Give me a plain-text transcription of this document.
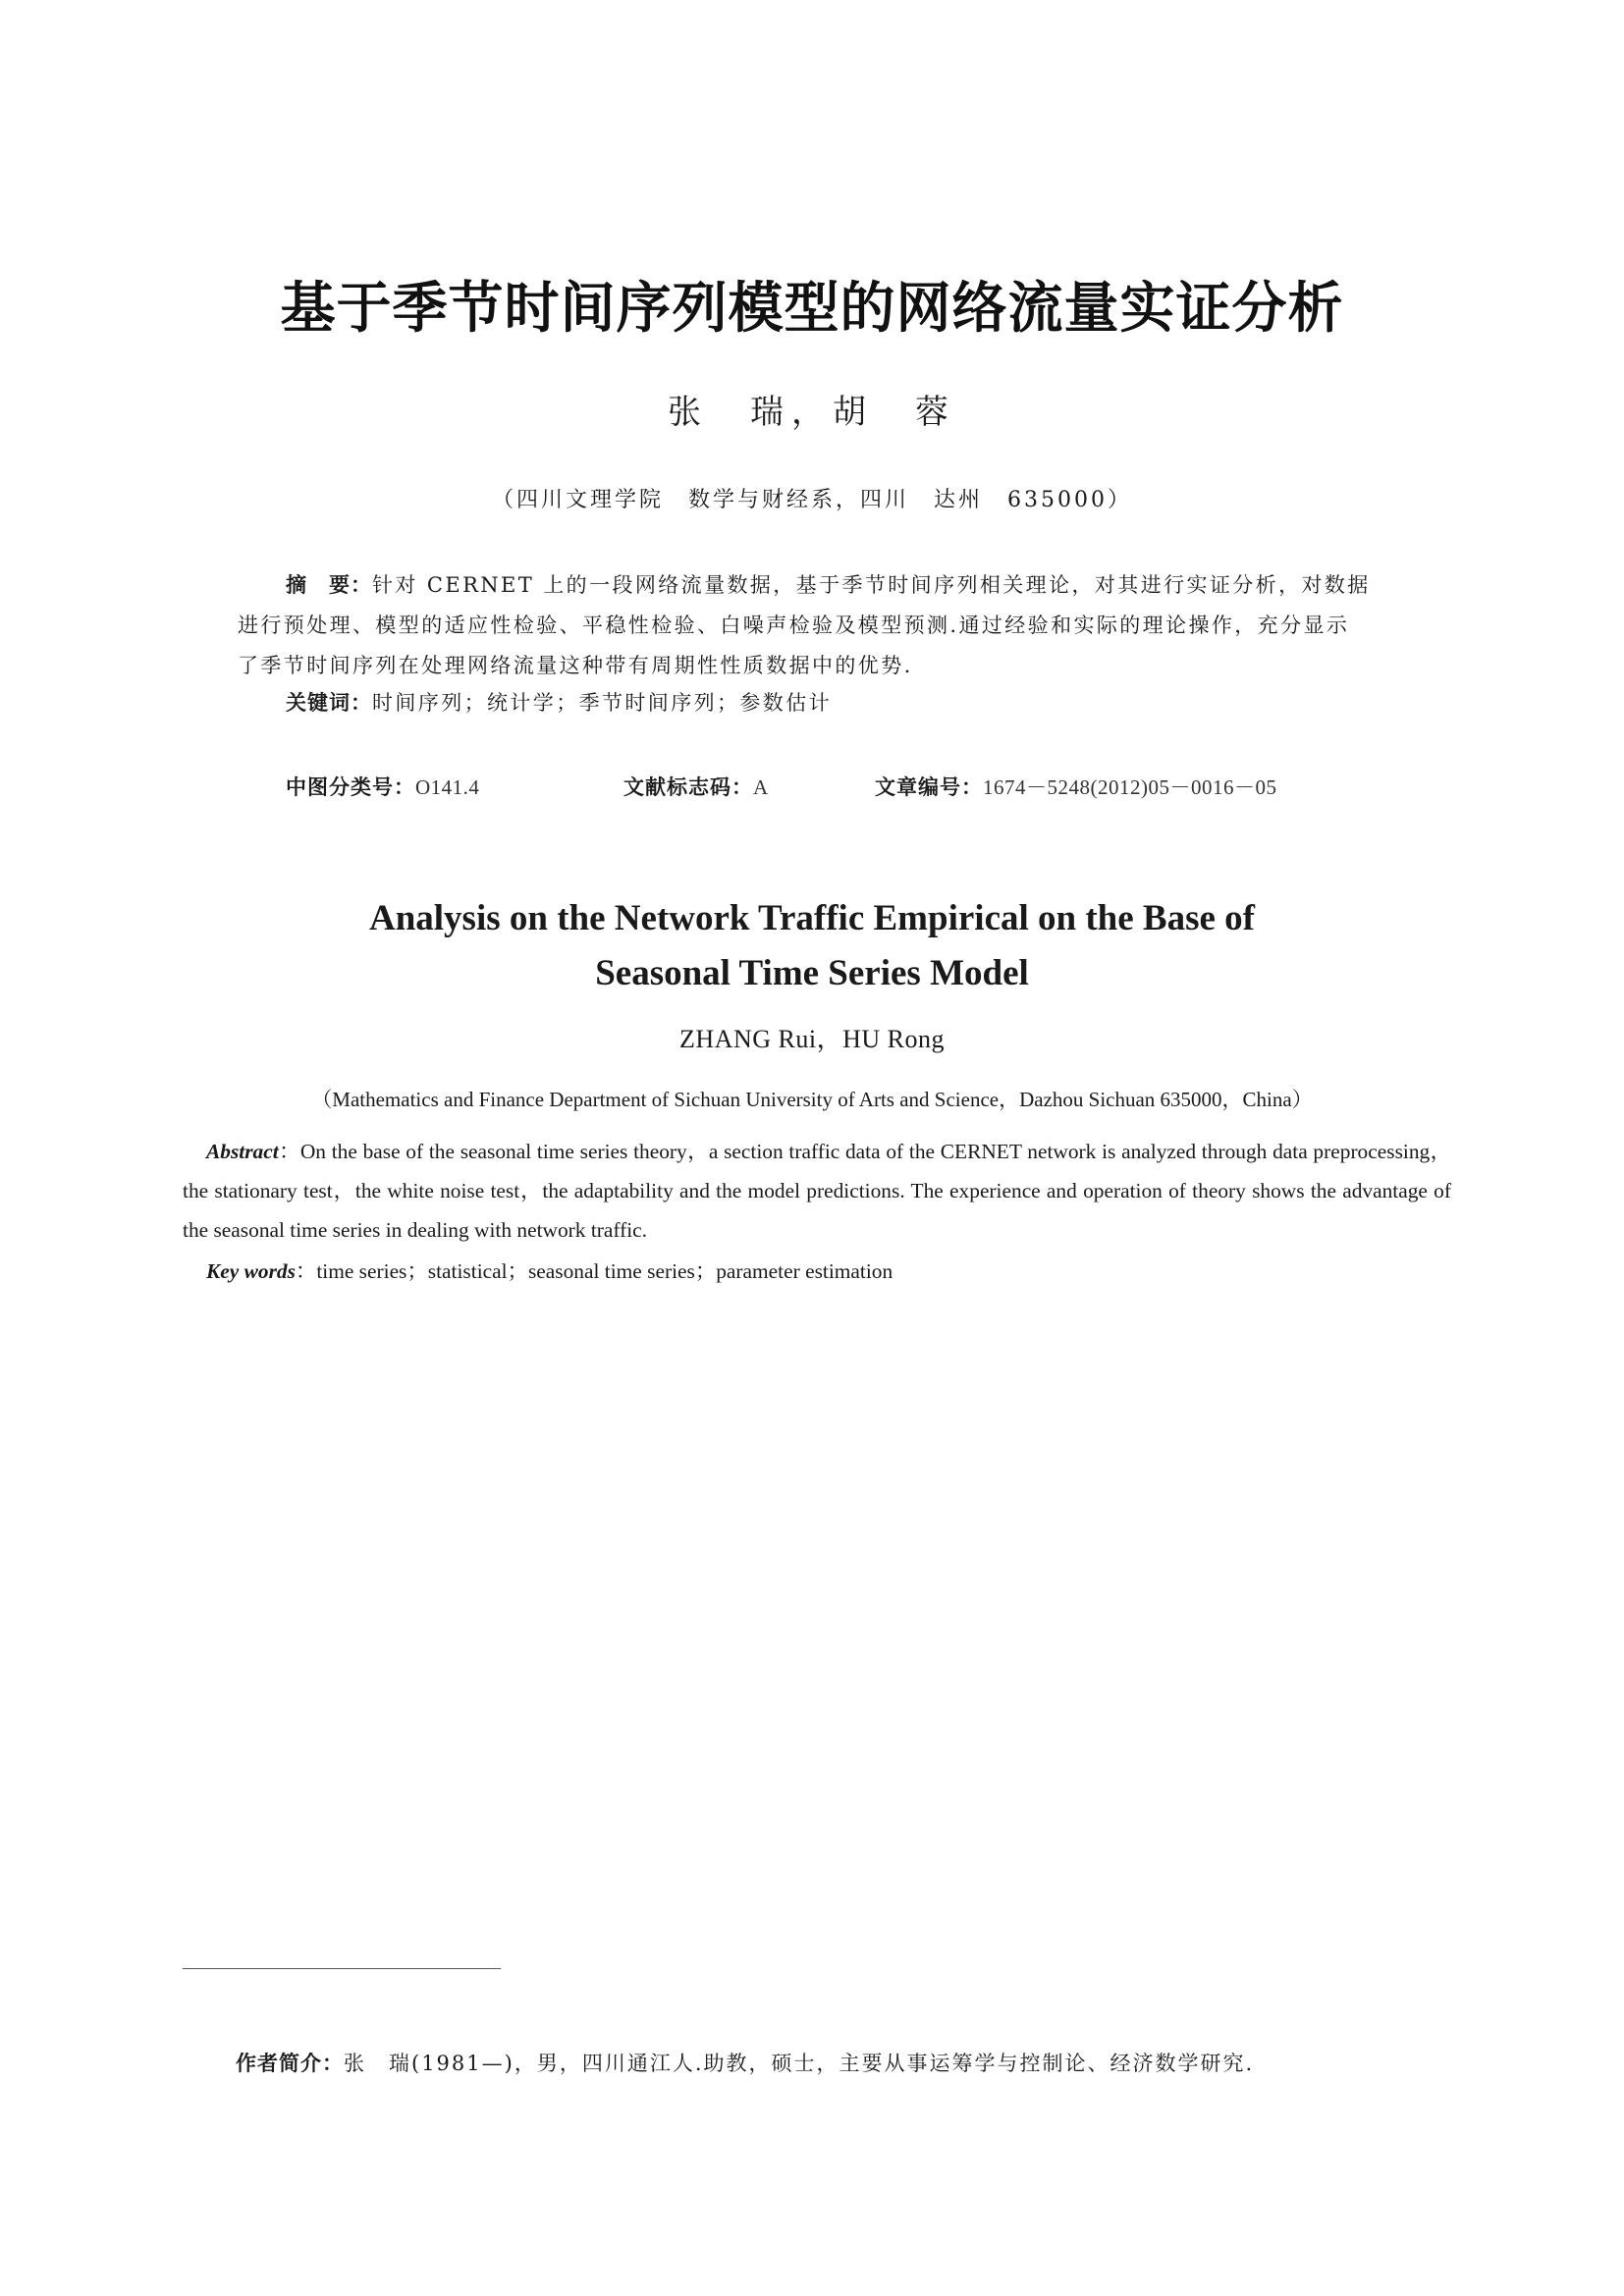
基于季节时间序列模型的网络流量实证分析
张　瑞，胡　蓉
（四川文理学院　数学与财经系，四川　达州　635000）
摘　要：针对 CERNET 上的一段网络流量数据，基于季节时间序列相关理论，对其进行实证分析，对数据
进行预处理、模型的适应性检验、平稳性检验、白噪声检验及模型预测.通过经验和实际的理论操作，充分显示
了季节时间序列在处理网络流量这种带有周期性性质数据中的优势.
关键词：时间序列；统计学；季节时间序列；参数估计
中图分类号：O141.4	文献标志码：A	文章编号：1674－5248(2012)05－0016－05
Analysis on the Network Traffic Empirical on the Base of
Seasonal Time Series Model
ZHANG Rui，HU Rong
（Mathematics and Finance Department of Sichuan University of Arts and Science，Dazhou Sichuan 635000，China）
Abstract：On the base of the seasonal time series theory，a section traffic data of the CERNET network is analyzed through data preprocessing，the stationary test，the white noise test，the adaptability and the model predictions. The experience and operation of theory shows the advantage of the seasonal time series in dealing with network traffic.
Key words：time series；statistical；seasonal time series；parameter estimation
作者简介：张　瑞(1981—)，男，四川通江人.助教，硕士，主要从事运筹学与控制论、经济数学研究.
